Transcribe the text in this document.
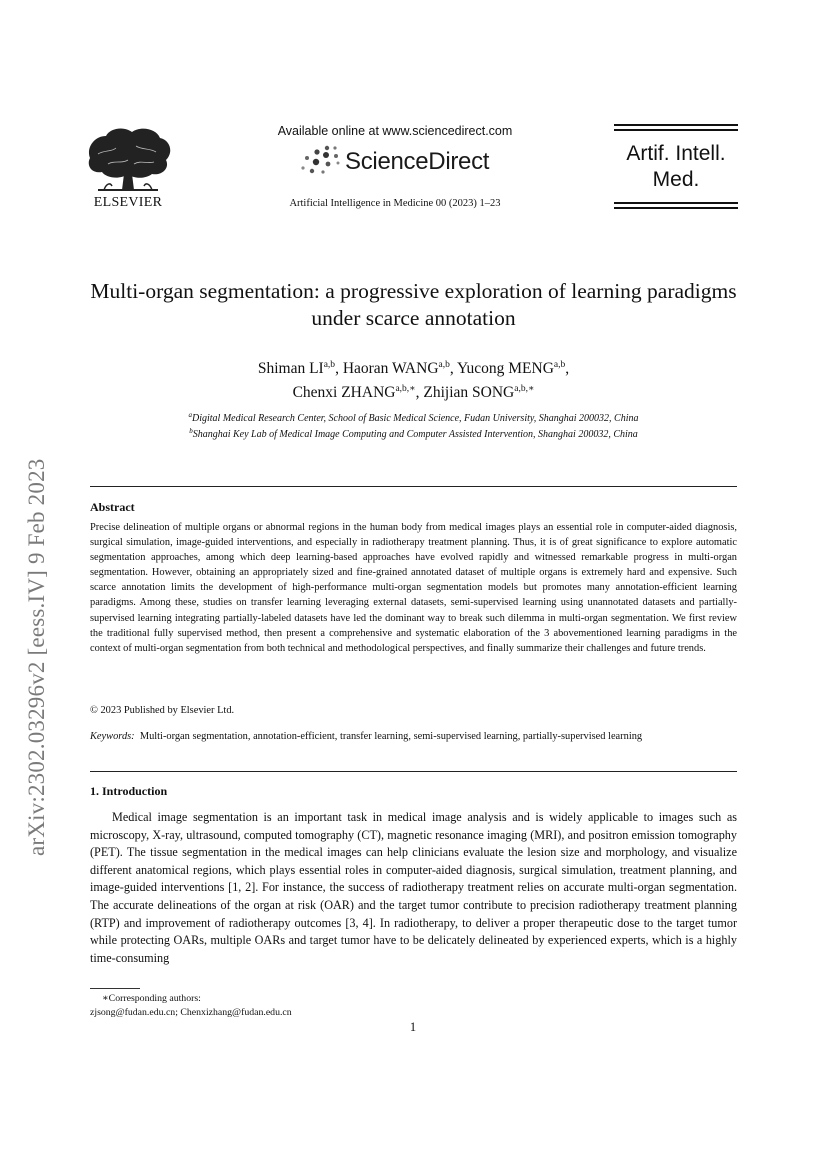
arXiv:2302.03296v2 [eess.IV] 9 Feb 2023
ELSEVIER
Available online at www.sciencedirect.com
ScienceDirect
Artificial Intelligence in Medicine 00 (2023) 1–23
Artif. Intell.
Med.
Multi-organ segmentation: a progressive exploration of learning paradigms under scarce annotation
Shiman LI$^{a,b}$, Haoran WANG$^{a,b}$, Yucong MENG$^{a,b}$,
Chenxi $ZHANG^{a,b,∗}$, Zhijian $SONG^{a,b,∗}$
$^a$Digital Medical Research Center, School of Basic Medical Science, Fudan University, Shanghai 200032, China
$^b$Shanghai Key Lab of Medical Image Computing and Computer Assisted Intervention, Shanghai 200032, China
Abstract
Precise delineation of multiple organs or abnormal regions in the human body from medical images plays an essential role in computer-aided diagnosis, surgical simulation, image-guided interventions, and especially in radiotherapy treatment planning. Thus, it is of great significance to explore automatic segmentation approaches, among which deep learning-based approaches have evolved rapidly and witnessed remarkable progress in multi-organ segmentation. However, obtaining an appropriately sized and fine-grained annotated dataset of multiple organs is extremely hard and expensive. Such scarce annotation limits the development of high-performance multi-organ segmentation models but promotes many annotation-efficient learning paradigms. Among these, studies on transfer learning leveraging external datasets, semi-supervised learning using unannotated datasets and partially-supervised learning integrating partially-labeled datasets have led the dominant way to break such dilemma in multi-organ segmentation. We first review the traditional fully supervised method, then present a comprehensive and systematic elaboration of the 3 abovementioned learning paradigms in the context of multi-organ segmentation from both technical and methodological perspectives, and finally summarize their challenges and future trends.
© 2023 Published by Elsevier Ltd.
Keywords: Multi-organ segmentation, annotation-efficient, transfer learning, semi-supervised learning, partially-supervised learning
1. Introduction
Medical image segmentation is an important task in medical image analysis and is widely applicable to images such as microscopy, X-ray, ultrasound, computed tomography (CT), magnetic resonance imaging (MRI), and positron emission tomography (PET). The tissue segmentation in the medical images can help clinicians evaluate the lesion size and morphology, and visualize different anatomical regions, which plays essential roles in computer-aided diagnosis, surgical simulation, treatment planning, and image-guided interventions [1, 2]. For instance, the success of radiotherapy treatment relies on accurate multi-organ segmentation. The accurate delineations of the organ at risk (OAR) and the target tumor contribute to precision radiotherapy treatment planning (RTP) and improvement of radiotherapy outcomes [3, 4]. In radiotherapy, to deliver a proper therapeutic dose to the target tumor while protecting OARs, multiple OARs and target tumor have to be delicately delineated by experienced experts, which is a highly time-consuming
∗Corresponding authors:
zjsong@fudan.edu.cn; Chenxizhang@fudan.edu.cn
1
